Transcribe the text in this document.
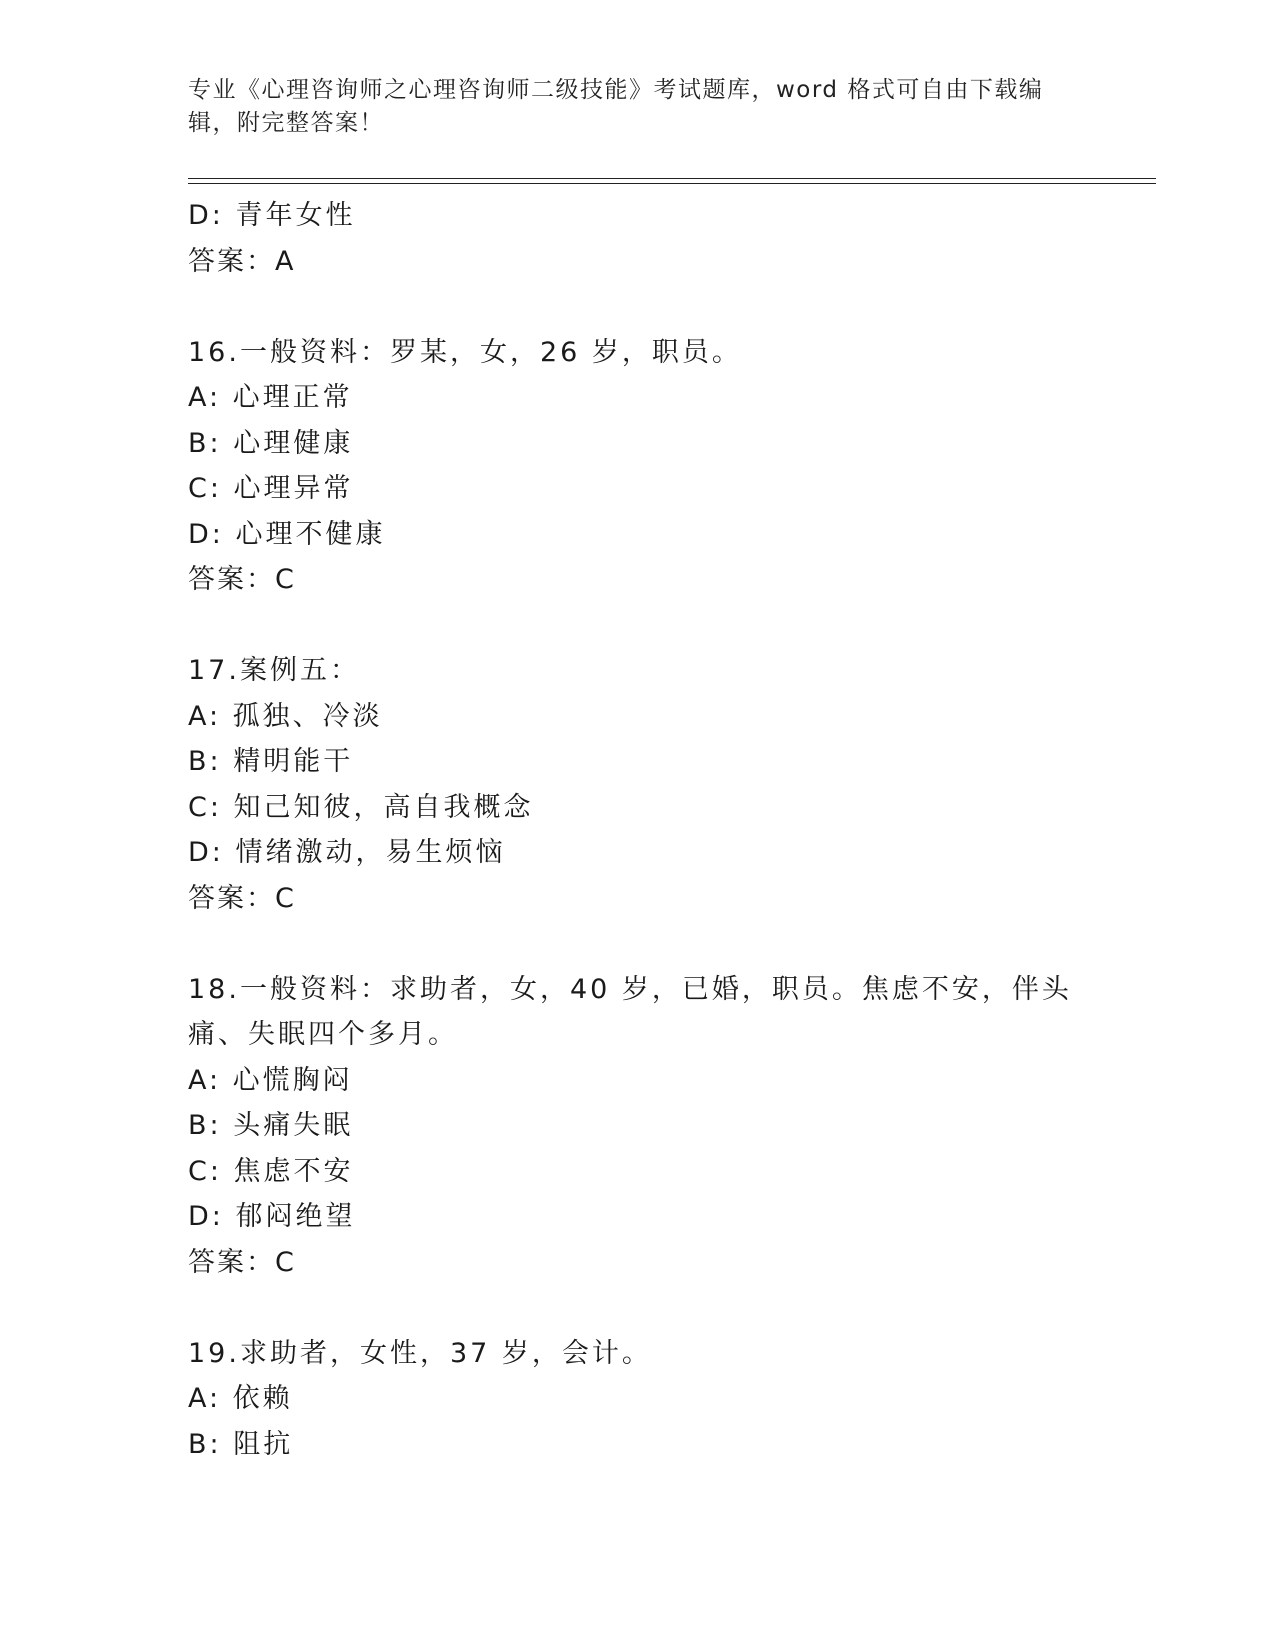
专业《心理咨询师之心理咨询师二级技能》考试题库，word 格式可自由下载编辑，附完整答案！
D: 青年女性
答案：A
16.一般资料：罗某，女，26 岁，职员。
A: 心理正常
B: 心理健康
C: 心理异常
D: 心理不健康
答案：C
17.案例五：
A: 孤独、冷淡
B: 精明能干
C: 知己知彼，高自我概念
D: 情绪激动，易生烦恼
答案：C
18.一般资料：求助者，女，40 岁，已婚，职员。焦虑不安，伴头痛、失眠四个多月。
A: 心慌胸闷
B: 头痛失眠
C: 焦虑不安
D: 郁闷绝望
答案：C
19.求助者，女性，37 岁，会计。
A: 依赖
B: 阻抗
